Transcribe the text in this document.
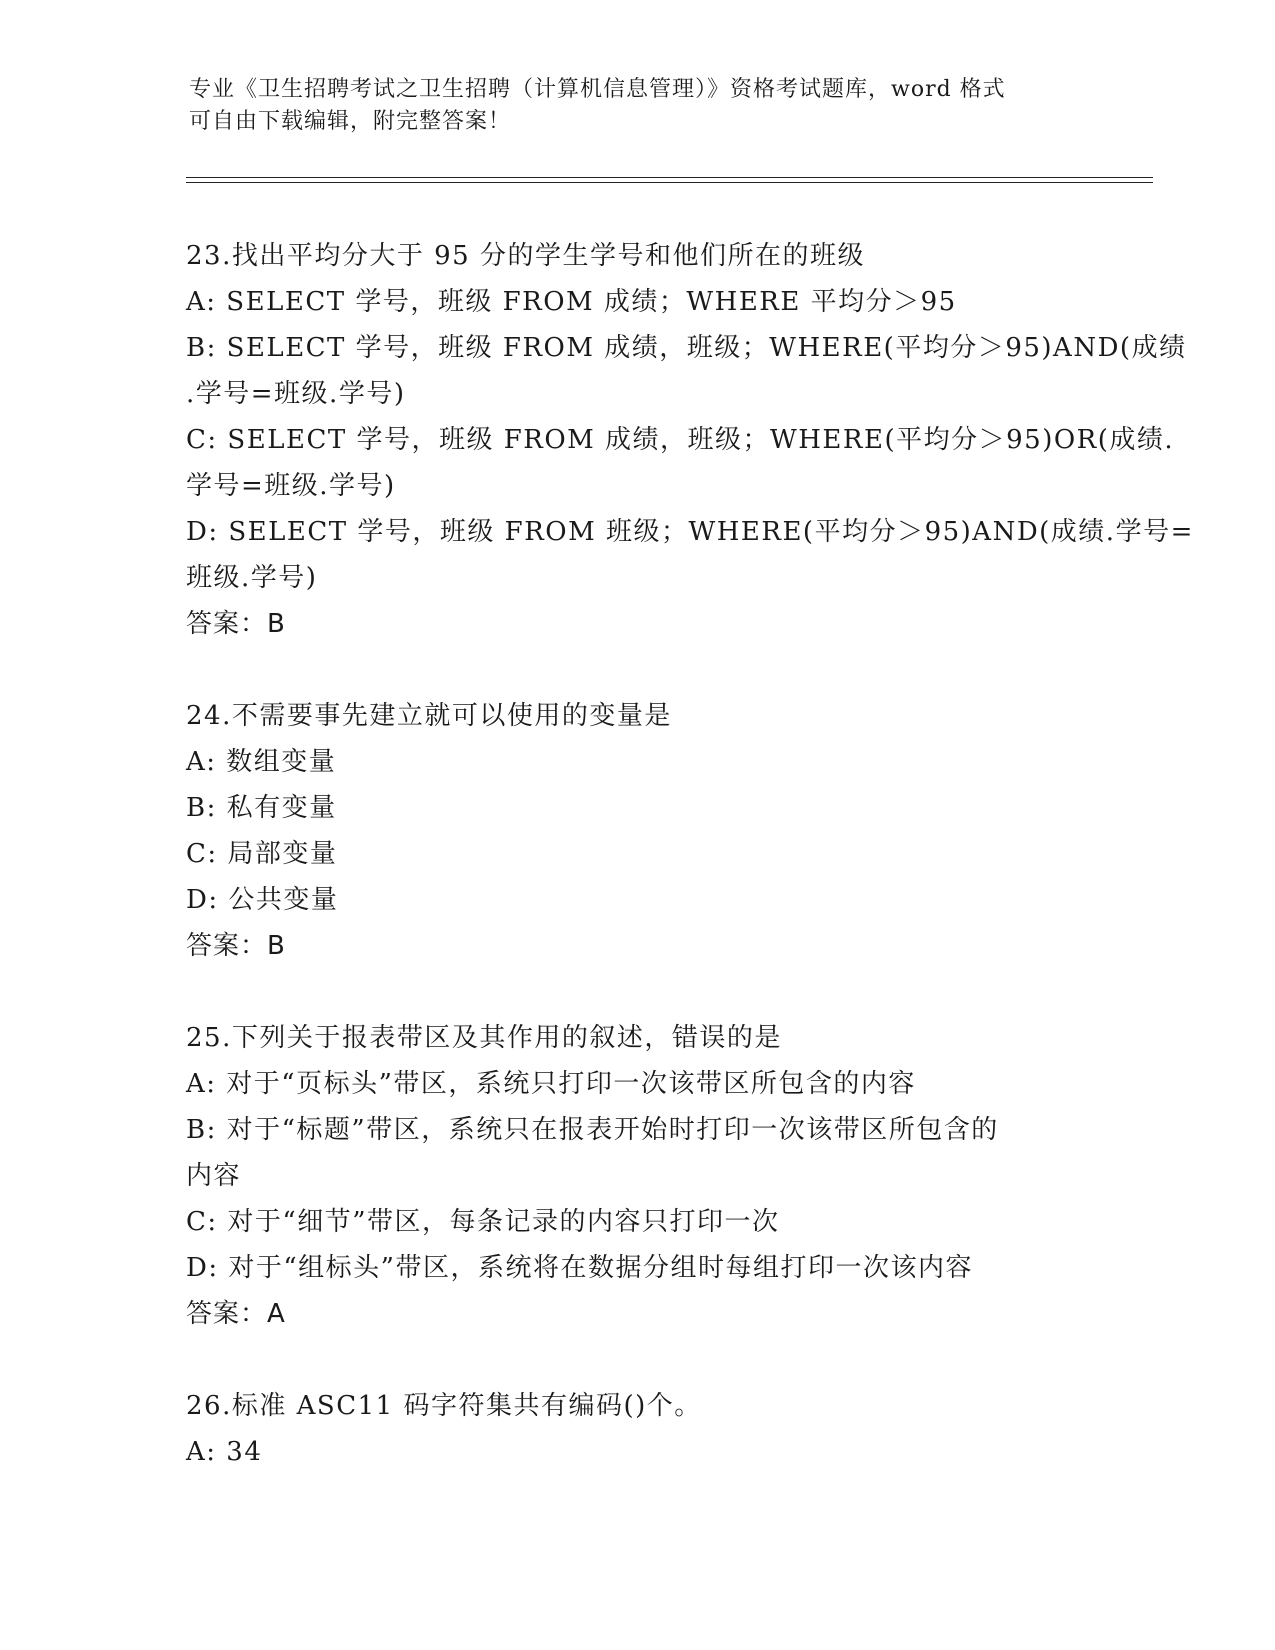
专业《卫生招聘考试之卫生招聘（计算机信息管理）》资格考试题库，word 格式
可自由下载编辑，附完整答案！
23.找出平均分大于 95 分的学生学号和他们所在的班级
A: SELECT 学号，班级 FROM 成绩；WHERE 平均分＞95
B: SELECT 学号，班级 FROM 成绩，班级；WHERE(平均分＞95)AND(成绩
.学号=班级.学号)
C: SELECT 学号，班级 FROM 成绩，班级；WHERE(平均分＞95)OR(成绩.
学号=班级.学号)
D: SELECT 学号，班级 FROM 班级；WHERE(平均分＞95)AND(成绩.学号=
班级.学号)
答案：B
24.不需要事先建立就可以使用的变量是
A: 数组变量
B: 私有变量
C: 局部变量
D: 公共变量
答案：B
25.下列关于报表带区及其作用的叙述，错误的是
A: 对于“页标头”带区，系统只打印一次该带区所包含的内容
B: 对于“标题”带区，系统只在报表开始时打印一次该带区所包含的
内容
C: 对于“细节”带区，每条记录的内容只打印一次
D: 对于“组标头”带区，系统将在数据分组时每组打印一次该内容
答案：A
26.标准 ASC11 码字符集共有编码()个。
A: 34
